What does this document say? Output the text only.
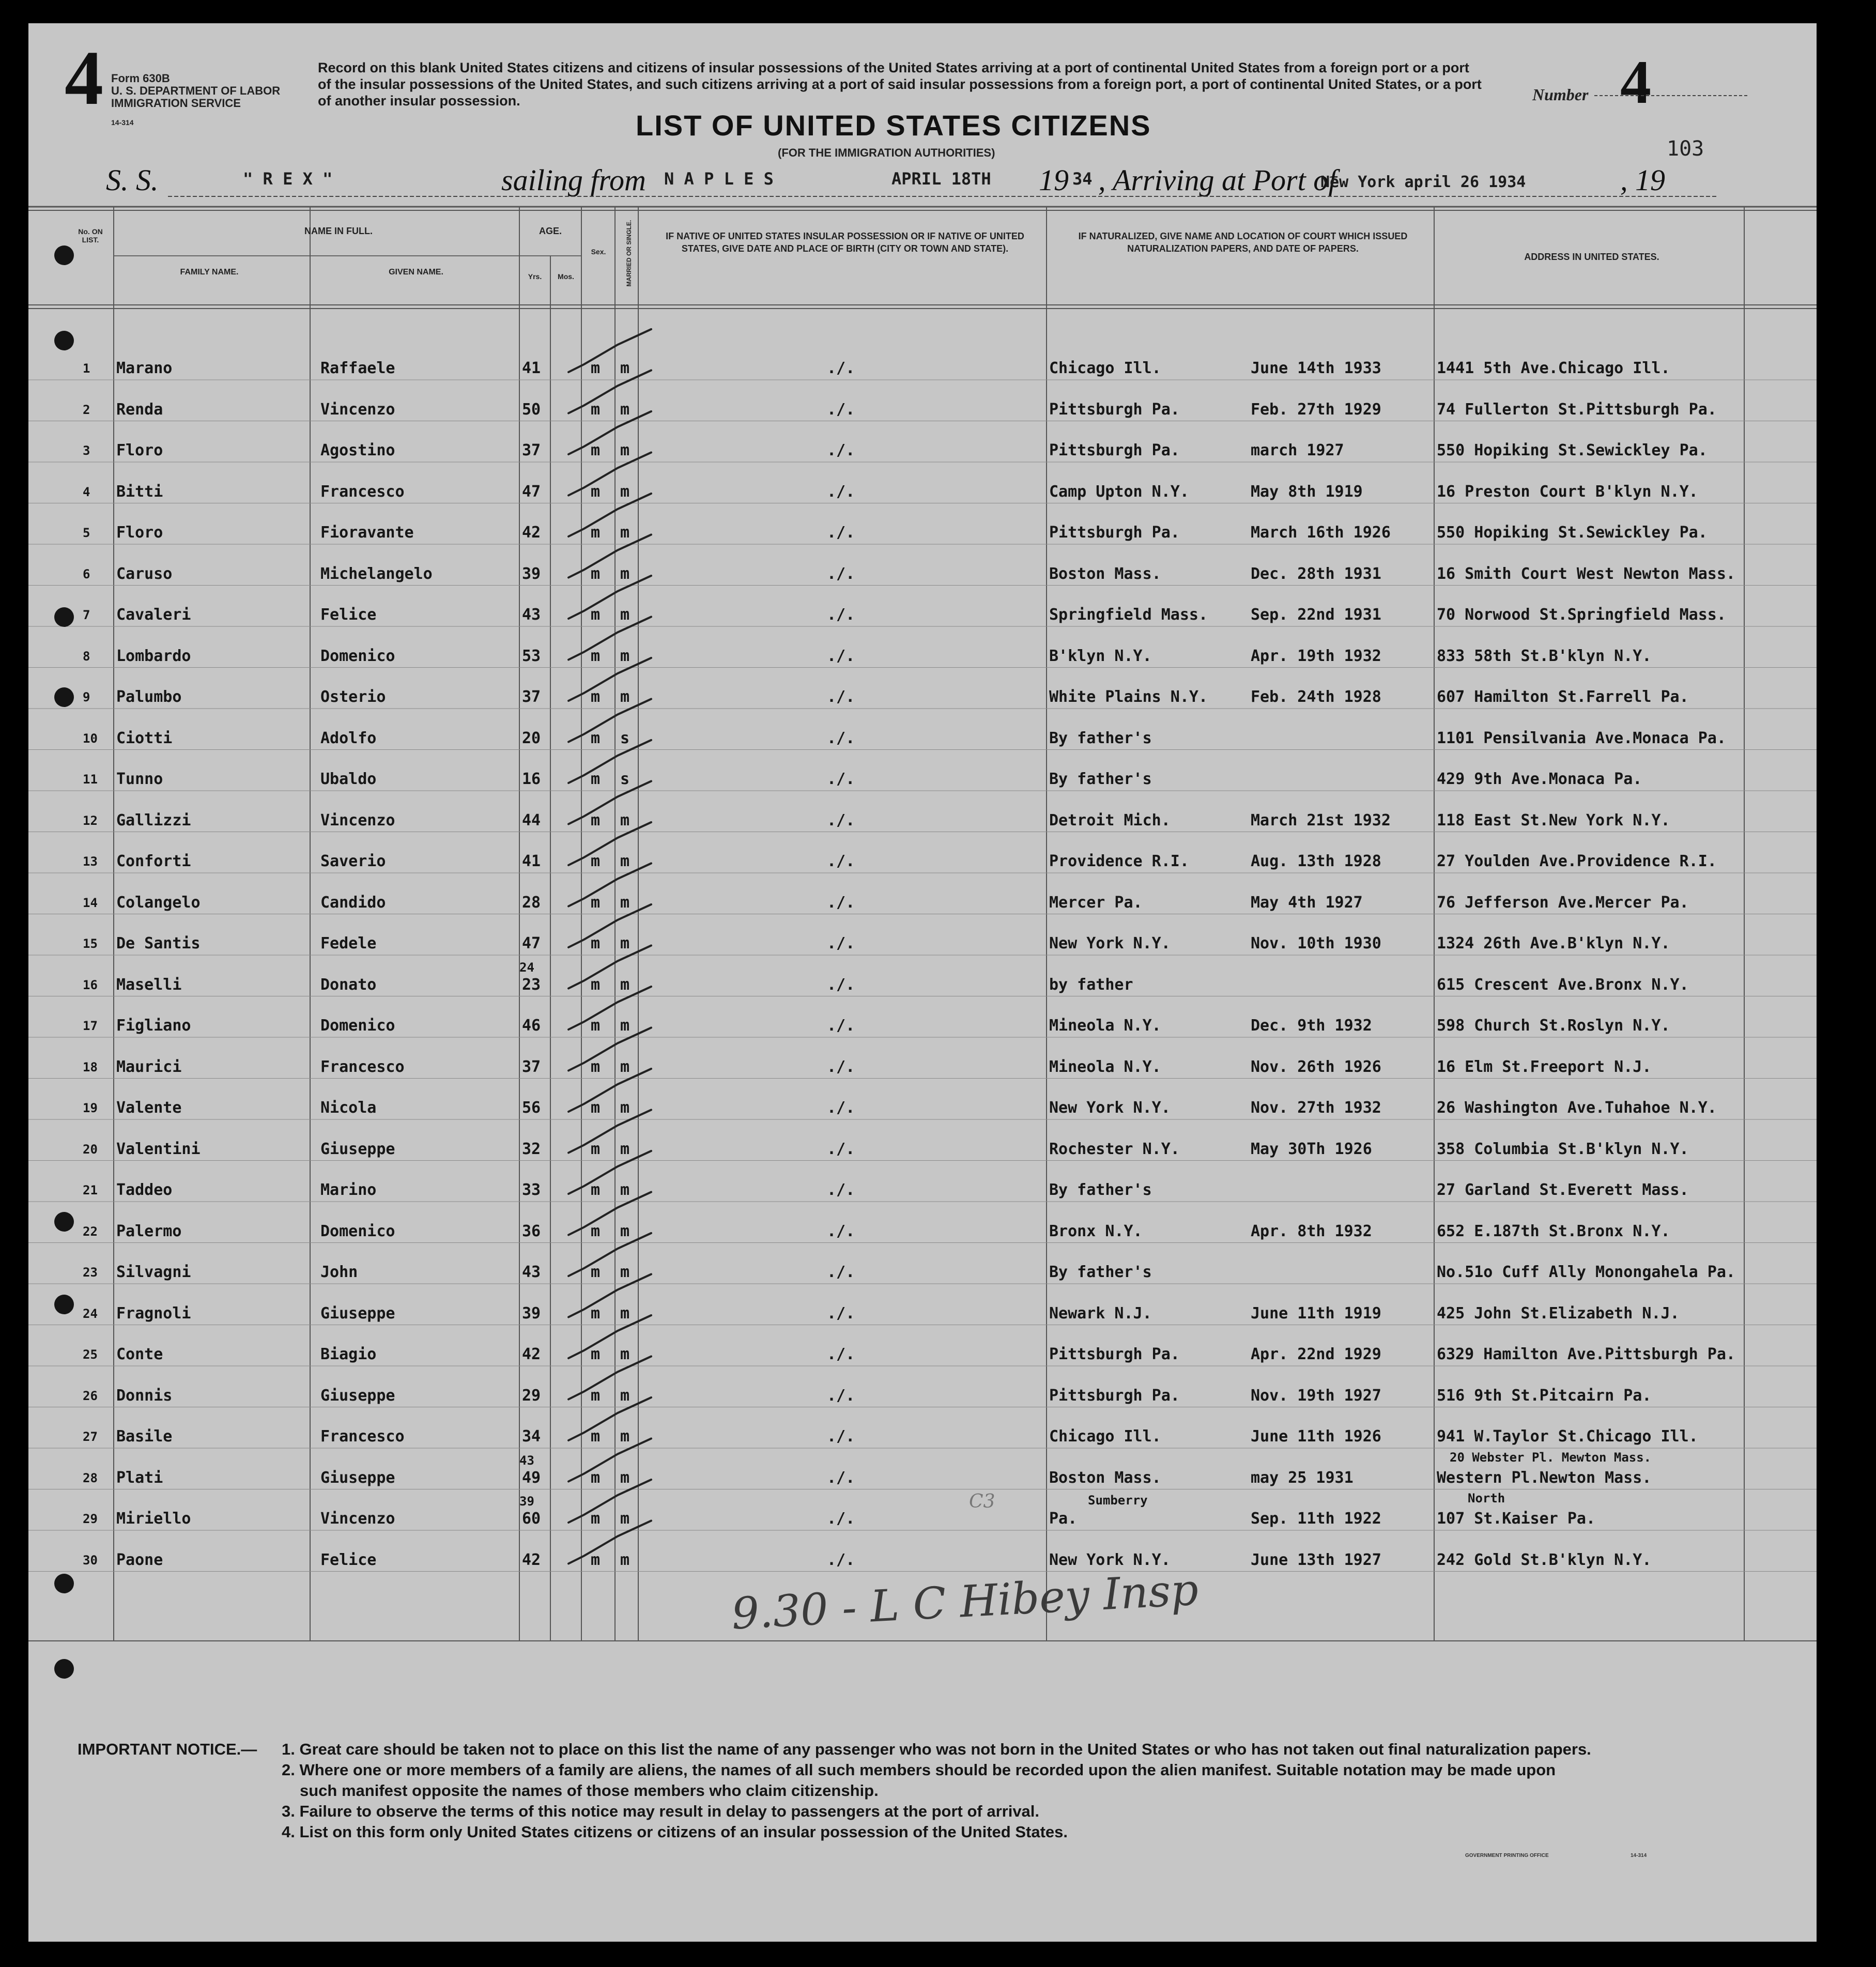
4 Form 630B
U. S. DEPARTMENT OF LABOR
IMMIGRATION SERVICE
14-314
Record on this blank United States citizens and citizens of insular possessions of the United States arriving at a port of continental United States from a foreign port or a port of the insular possessions of the United States, and such citizens arriving at a port of said insular possessions from a foreign port, a port of continental United States, or a port of another insular possession.	Number 4
103
LIST OF UNITED STATES CITIZENS
(FOR THE IMMIGRATION AUTHORITIES)
S. S.	" R E X "	sailing from N A P L E S	APRIL 18TH 19 34 , Arriving at Port of
New York april 26 1934	, 19
No. ON LIST.
NAME IN FULL.
FAMILY NAME.	GIVEN NAME.
AGE.
Yrs.	Mos.
Sex.	MARRIED OR SINGLE.	IF NATIVE OF UNITED STATES INSULAR POSSESSION OR IF NATIVE OF UNITED STATES, GIVE DATE AND PLACE OF BIRTH (CITY OR TOWN AND STATE).
IF NATURALIZED, GIVE NAME AND LOCATION OF COURT WHICH ISSUED NATURALIZATION PAPERS, AND DATE OF PAPERS.
ADDRESS IN UNITED STATES.
1 Marano	Raffaele	41	m m	./.	Chicago Ill.	June 14th 1933	1441 5th Ave.Chicago Ill.
2 Renda	Vincenzo	50	m m	./.	Pittsburgh Pa.	Feb. 27th 1929	74 Fullerton St.Pittsburgh Pa.
3 Floro	Agostino	37	m m	./.	Pittsburgh Pa.	march 1927	550 Hopiking St.Sewickley Pa.
4 Bitti	Francesco	47	m m	./.	Camp Upton N.Y.	May 8th 1919	16 Preston Court B'klyn N.Y.
5 Floro	Fioravante	42	m m	./.	Pittsburgh Pa.	March 16th 1926	550 Hopiking St.Sewickley Pa.
6 Caruso	Michelangelo	39	m m	./.	Boston Mass.	Dec. 28th 1931	16 Smith Court West Newton Mass.
7 Cavaleri	Felice	43	m m	./.	Springfield Mass.	Sep. 22nd 1931	70 Norwood St.Springfield Mass.
8 Lombardo	Domenico	53	m m	./.	B'klyn N.Y.	Apr. 19th 1932	833 58th St.B'klyn N.Y.
9 Palumbo	Osterio	37	m m	./.	White Plains N.Y.	Feb. 24th 1928	607 Hamilton St.Farrell Pa.
10 Ciotti	Adolfo	20	m s	./.	By father's	1101 Pensilvania Ave.Monaca Pa.
11 Tunno	Ubaldo	16	m s	./.	By father's	429 9th Ave.Monaca Pa.
12 Gallizzi	Vincenzo	44	m m	./.	Detroit Mich.	March 21st 1932	118 East St.New York N.Y.
13 Conforti	Saverio	41	m m	./.	Providence R.I.	Aug. 13th 1928	27 Youlden Ave.Providence R.I.
14 Colangelo	Candido	28	m m	./.	Mercer Pa.	May 4th 1927	76 Jefferson Ave.Mercer Pa.
15 De Santis	Fedele	47	m m	./.	New York N.Y.	Nov. 10th 1930	1324 26th Ave.B'klyn N.Y.
16 Maselli	Donato	23	m m	./.	by father	615 Crescent Ave.Bronx N.Y.
24
17 Figliano	Domenico	46	m m	./.	Mineola N.Y.	Dec. 9th 1932	598 Church St.Roslyn N.Y.
18 Maurici	Francesco	37	m m	./.	Mineola N.Y.	Nov. 26th 1926	16 Elm St.Freeport N.J.
19 Valente	Nicola	56	m m	./.	New York N.Y.	Nov. 27th 1932	26 Washington Ave.Tuhahoe N.Y.
20 Valentini	Giuseppe	32	m m	./.	Rochester N.Y.	May 30Th 1926	358 Columbia St.B'klyn N.Y.
21 Taddeo	Marino	33	m m	./.	By father's	27 Garland St.Everett Mass.
22 Palermo	Domenico	36	m m	./.	Bronx N.Y.	Apr. 8th 1932	652 E.187th St.Bronx N.Y.
23 Silvagni	John	43	m m	./.	By father's	No.51o Cuff Ally Monongahela Pa.
24 Fragnoli	Giuseppe	39	m m	./.	Newark N.J.	June 11th 1919	425 John St.Elizabeth N.J.
25 Conte	Biagio	42	m m	./.	Pittsburgh Pa.	Apr. 22nd 1929	6329 Hamilton Ave.Pittsburgh Pa.
26 Donnis	Giuseppe	29	m m	./.	Pittsburgh Pa.	Nov. 19th 1927	516 9th St.Pitcairn Pa.
27 Basile	Francesco	34	m m	./.	Chicago Ill.	June 11th 1926	941 W.Taylor St.Chicago Ill.
28 Plati	Giuseppe	49	m m	./.	Boston Mass.	may 25 1931	Western Pl.Newton Mass.
43	20 Webster Pl. Mewton Mass.
29 Miriello	Vincenzo	60	m m	./.	Pa.	Sep. 11th 1922	107 St.Kaiser Pa.
39	Sumberry	North
30 Paone	Felice	42	m m	./.	New York N.Y.	June 13th 1927	242 Gold St.B'klyn N.Y.
9.30 - L C Hibey Insp
C3
IMPORTANT NOTICE.— 1. Great care should be taken not to place on this list the name of any passenger who was not born in the United States or who has not taken out final naturalization papers.
2. Where one or more members of a family are aliens, the names of all such members should be recorded upon the alien manifest. Suitable notation may be made upon
such manifest opposite the names of those members who claim citizenship.
3. Failure to observe the terms of this notice may result in delay to passengers at the port of arrival.
4. List on this form only United States citizens or citizens of an insular possession of the United States.
GOVERNMENT PRINTING OFFICE	14-314
